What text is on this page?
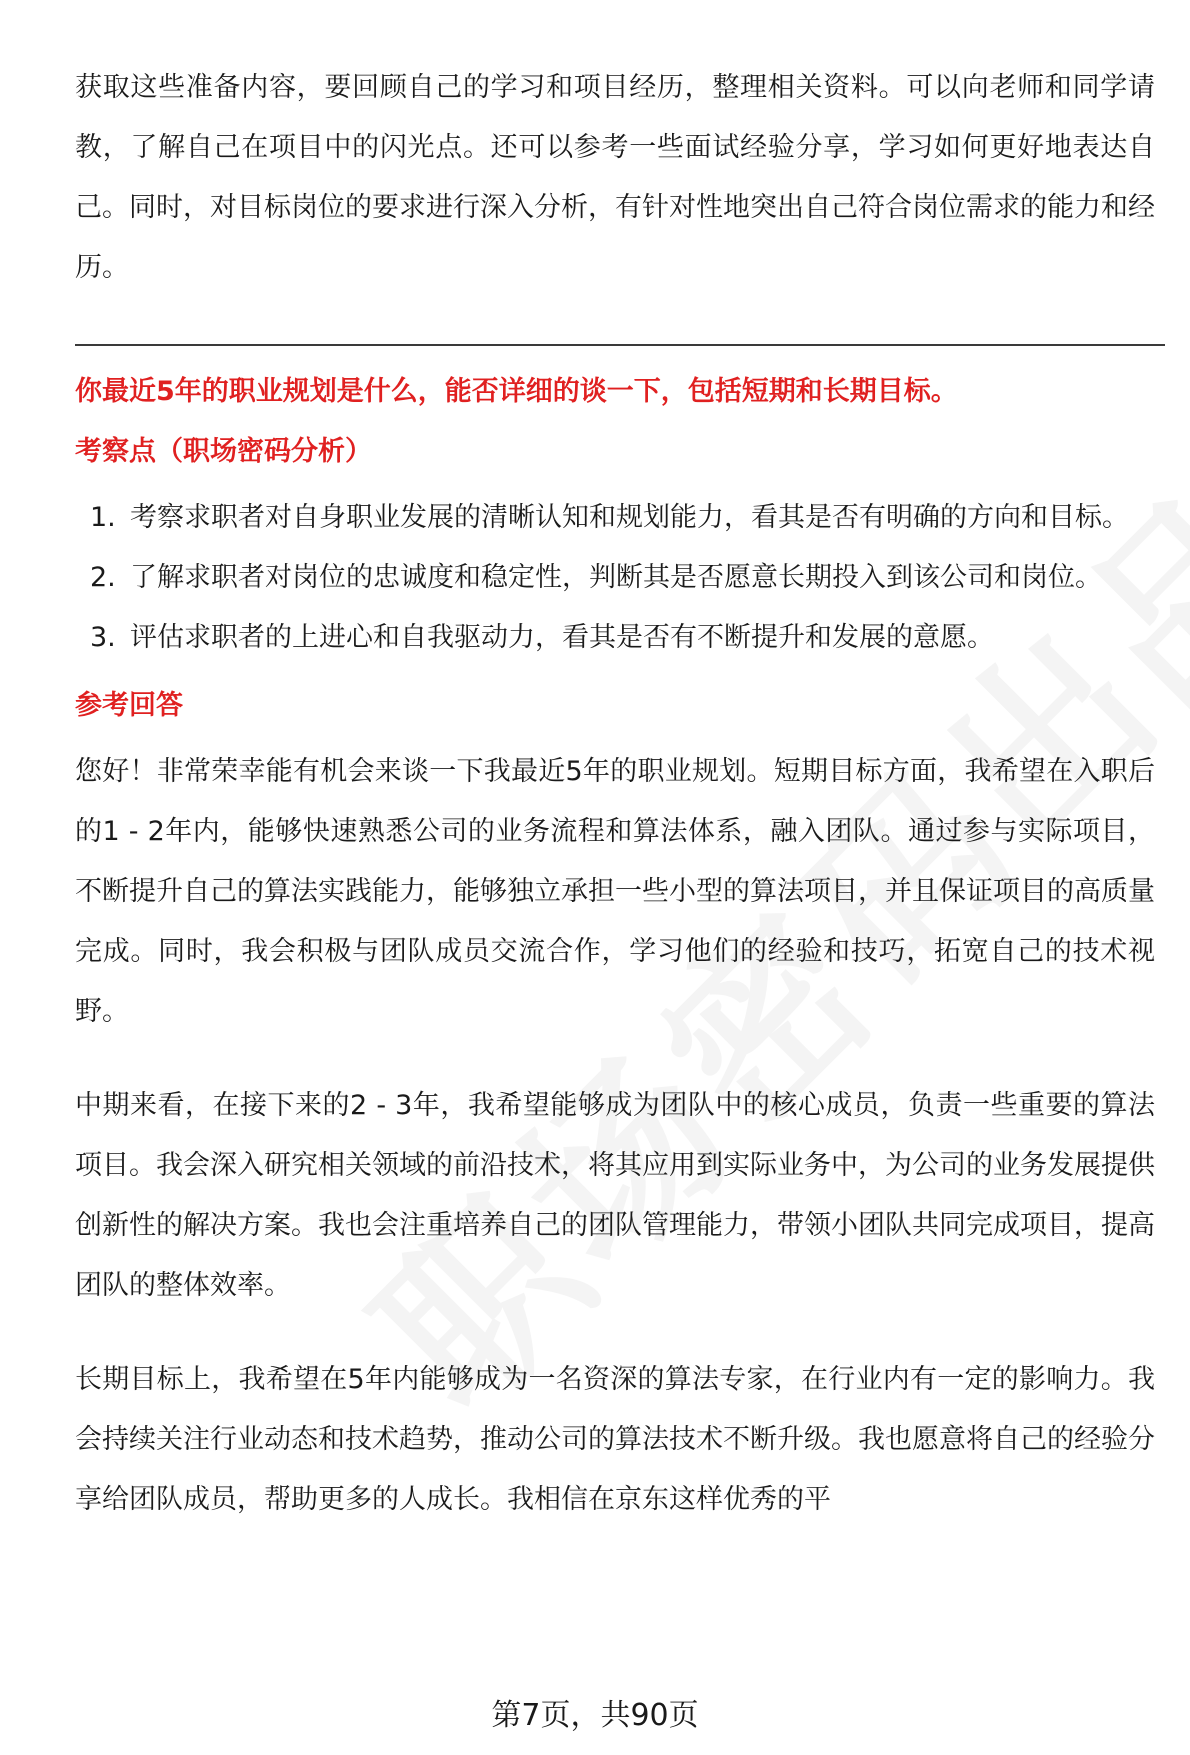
获取这些准备内容，要回顾自己的学习和项目经历，整理相关资料。可以向老师和同学请教，了解自己在项目中的闪光点。还可以参考一些面试经验分享，学习如何更好地表达自己。同时，对目标岗位的要求进行深入分析，有针对性地突出自己符合岗位需求的能力和经历。

你最近5年的职业规划是什么，能否详细的谈一下，包括短期和长期目标。

考察点（职场密码分析）

1. 考察求职者对自身职业发展的清晰认知和规划能力，看其是否有明确的方向和目标。
2. 了解求职者对岗位的忠诚度和稳定性，判断其是否愿意长期投入到该公司和岗位。
3. 评估求职者的上进心和自我驱动力，看其是否有不断提升和发展的意愿。

参考回答

您好！非常荣幸能有机会来谈一下我最近5年的职业规划。短期目标方面，我希望在入职后的1 - 2年内，能够快速熟悉公司的业务流程和算法体系，融入团队。通过参与实际项目，不断提升自己的算法实践能力，能够独立承担一些小型的算法项目，并且保证项目的高质量完成。同时，我会积极与团队成员交流合作，学习他们的经验和技巧，拓宽自己的技术视野。

中期来看，在接下来的2 - 3年，我希望能够成为团队中的核心成员，负责一些重要的算法项目。我会深入研究相关领域的前沿技术，将其应用到实际业务中，为公司的业务发展提供创新性的解决方案。我也会注重培养自己的团队管理能力，带领小团队共同完成项目，提高团队的整体效率。

长期目标上，我希望在5年内能够成为一名资深的算法专家，在行业内有一定的影响力。我会持续关注行业动态和技术趋势，推动公司的算法技术不断升级。我也愿意将自己的经验分享给团队成员，帮助更多的人成长。我相信在京东这样优秀的平

第7页，共90页
